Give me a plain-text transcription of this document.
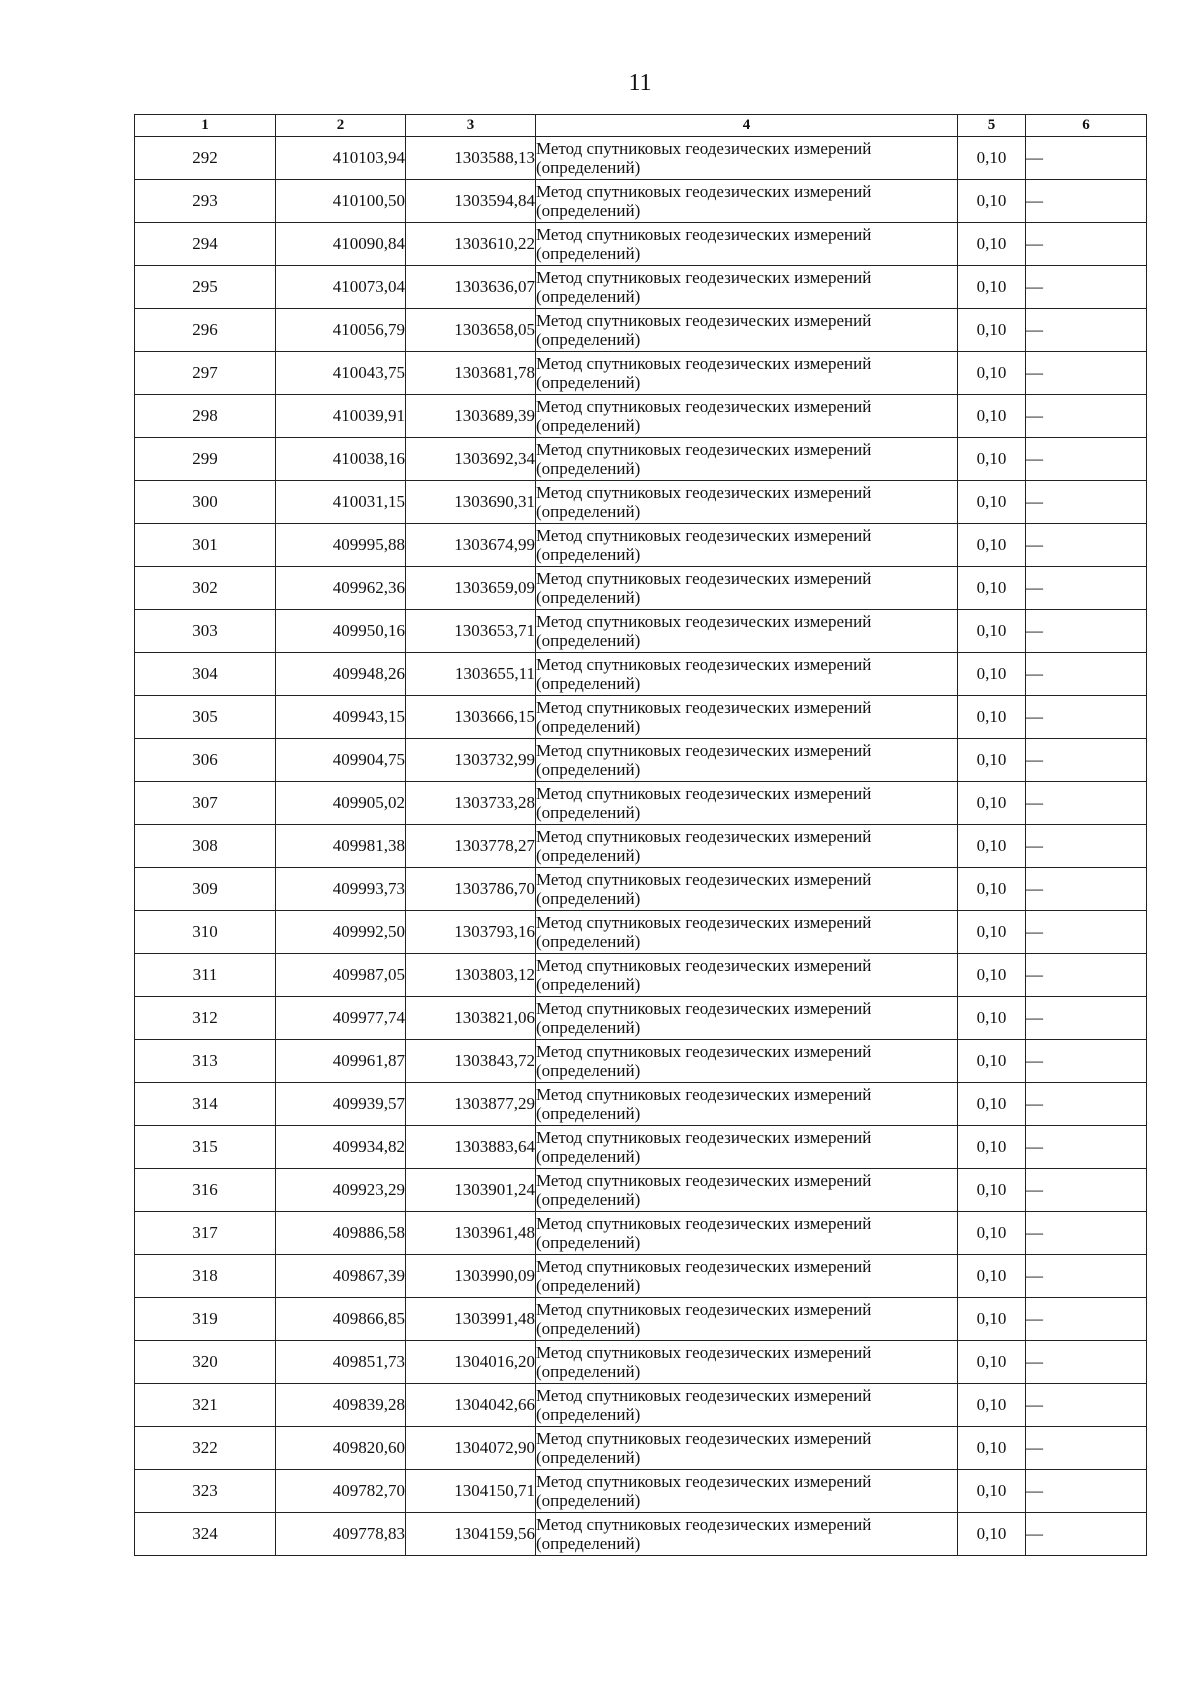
11
1	2	3	4	5	6
292	410103,94	1303588,13	Метод спутниковых геодезических измерений (определений)	0,10	—
293	410100,50	1303594,84	Метод спутниковых геодезических измерений (определений)	0,10	—
294	410090,84	1303610,22	Метод спутниковых геодезических измерений (определений)	0,10	—
295	410073,04	1303636,07	Метод спутниковых геодезических измерений (определений)	0,10	—
296	410056,79	1303658,05	Метод спутниковых геодезических измерений (определений)	0,10	—
297	410043,75	1303681,78	Метод спутниковых геодезических измерений (определений)	0,10	—
298	410039,91	1303689,39	Метод спутниковых геодезических измерений (определений)	0,10	—
299	410038,16	1303692,34	Метод спутниковых геодезических измерений (определений)	0,10	—
300	410031,15	1303690,31	Метод спутниковых геодезических измерений (определений)	0,10	—
301	409995,88	1303674,99	Метод спутниковых геодезических измерений (определений)	0,10	—
302	409962,36	1303659,09	Метод спутниковых геодезических измерений (определений)	0,10	—
303	409950,16	1303653,71	Метод спутниковых геодезических измерений (определений)	0,10	—
304	409948,26	1303655,11	Метод спутниковых геодезических измерений (определений)	0,10	—
305	409943,15	1303666,15	Метод спутниковых геодезических измерений (определений)	0,10	—
306	409904,75	1303732,99	Метод спутниковых геодезических измерений (определений)	0,10	—
307	409905,02	1303733,28	Метод спутниковых геодезических измерений (определений)	0,10	—
308	409981,38	1303778,27	Метод спутниковых геодезических измерений (определений)	0,10	—
309	409993,73	1303786,70	Метод спутниковых геодезических измерений (определений)	0,10	—
310	409992,50	1303793,16	Метод спутниковых геодезических измерений (определений)	0,10	—
311	409987,05	1303803,12	Метод спутниковых геодезических измерений (определений)	0,10	—
312	409977,74	1303821,06	Метод спутниковых геодезических измерений (определений)	0,10	—
313	409961,87	1303843,72	Метод спутниковых геодезических измерений (определений)	0,10	—
314	409939,57	1303877,29	Метод спутниковых геодезических измерений (определений)	0,10	—
315	409934,82	1303883,64	Метод спутниковых геодезических измерений (определений)	0,10	—
316	409923,29	1303901,24	Метод спутниковых геодезических измерений (определений)	0,10	—
317	409886,58	1303961,48	Метод спутниковых геодезических измерений (определений)	0,10	—
318	409867,39	1303990,09	Метод спутниковых геодезических измерений (определений)	0,10	—
319	409866,85	1303991,48	Метод спутниковых геодезических измерений (определений)	0,10	—
320	409851,73	1304016,20	Метод спутниковых геодезических измерений (определений)	0,10	—
321	409839,28	1304042,66	Метод спутниковых геодезических измерений (определений)	0,10	—
322	409820,60	1304072,90	Метод спутниковых геодезических измерений (определений)	0,10	—
323	409782,70	1304150,71	Метод спутниковых геодезических измерений (определений)	0,10	—
324	409778,83	1304159,56	Метод спутниковых геодезических измерений (определений)	0,10	—
